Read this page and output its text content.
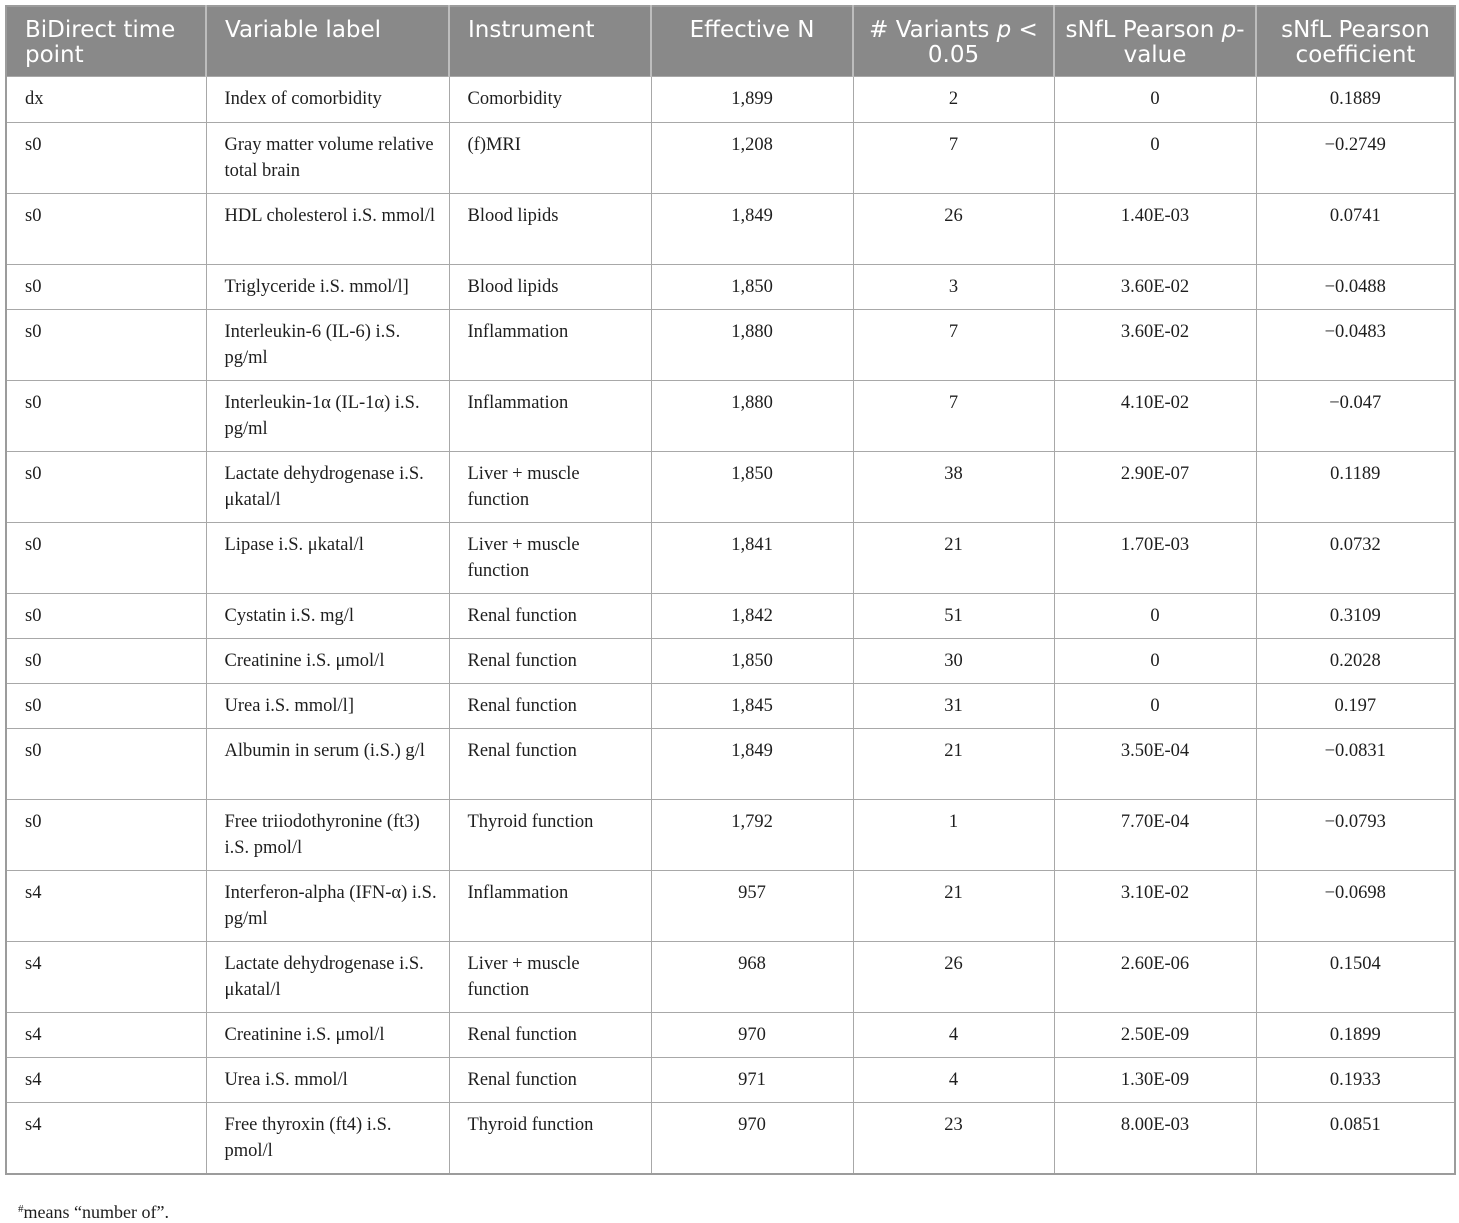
BiDirect time point	Variable label	Instrument	Effective N	# Variants p < 0.05	sNfL Pearson p-value	sNfL Pearson coefficient
dx	Index of comorbidity	Comorbidity	1,899	2	0	0.1889
s0	Gray matter volume relative total brain	(f)MRI	1,208	7	0	−0.2749
s0	HDL cholesterol i.S. mmol/l	Blood lipids	1,849	26	1.40E-03	0.0741
s0	Triglyceride i.S. mmol/l]	Blood lipids	1,850	3	3.60E-02	−0.0488
s0	Interleukin-6 (IL-6) i.S. pg/ml	Inflammation	1,880	7	3.60E-02	−0.0483
s0	Interleukin-1α (IL-1α) i.S. pg/ml	Inflammation	1,880	7	4.10E-02	−0.047
s0	Lactate dehydrogenase i.S. μkatal/l	Liver + muscle function	1,850	38	2.90E-07	0.1189
s0	Lipase i.S. μkatal/l	Liver + muscle function	1,841	21	1.70E-03	0.0732
s0	Cystatin i.S. mg/l	Renal function	1,842	51	0	0.3109
s0	Creatinine i.S. μmol/l	Renal function	1,850	30	0	0.2028
s0	Urea i.S. mmol/l]	Renal function	1,845	31	0	0.197
s0	Albumin in serum (i.S.) g/l	Renal function	1,849	21	3.50E-04	−0.0831
s0	Free triiodothyronine (ft3) i.S. pmol/l	Thyroid function	1,792	1	7.70E-04	−0.0793
s4	Interferon-alpha (IFN-α) i.S. pg/ml	Inflammation	957	21	3.10E-02	−0.0698
s4	Lactate dehydrogenase i.S. μkatal/l	Liver + muscle function	968	26	2.60E-06	0.1504
s4	Creatinine i.S. μmol/l	Renal function	970	4	2.50E-09	0.1899
s4	Urea i.S. mmol/l	Renal function	971	4	1.30E-09	0.1933
s4	Free thyroxin (ft4) i.S. pmol/l	Thyroid function	970	23	8.00E-03	0.0851
#means “number of”.
